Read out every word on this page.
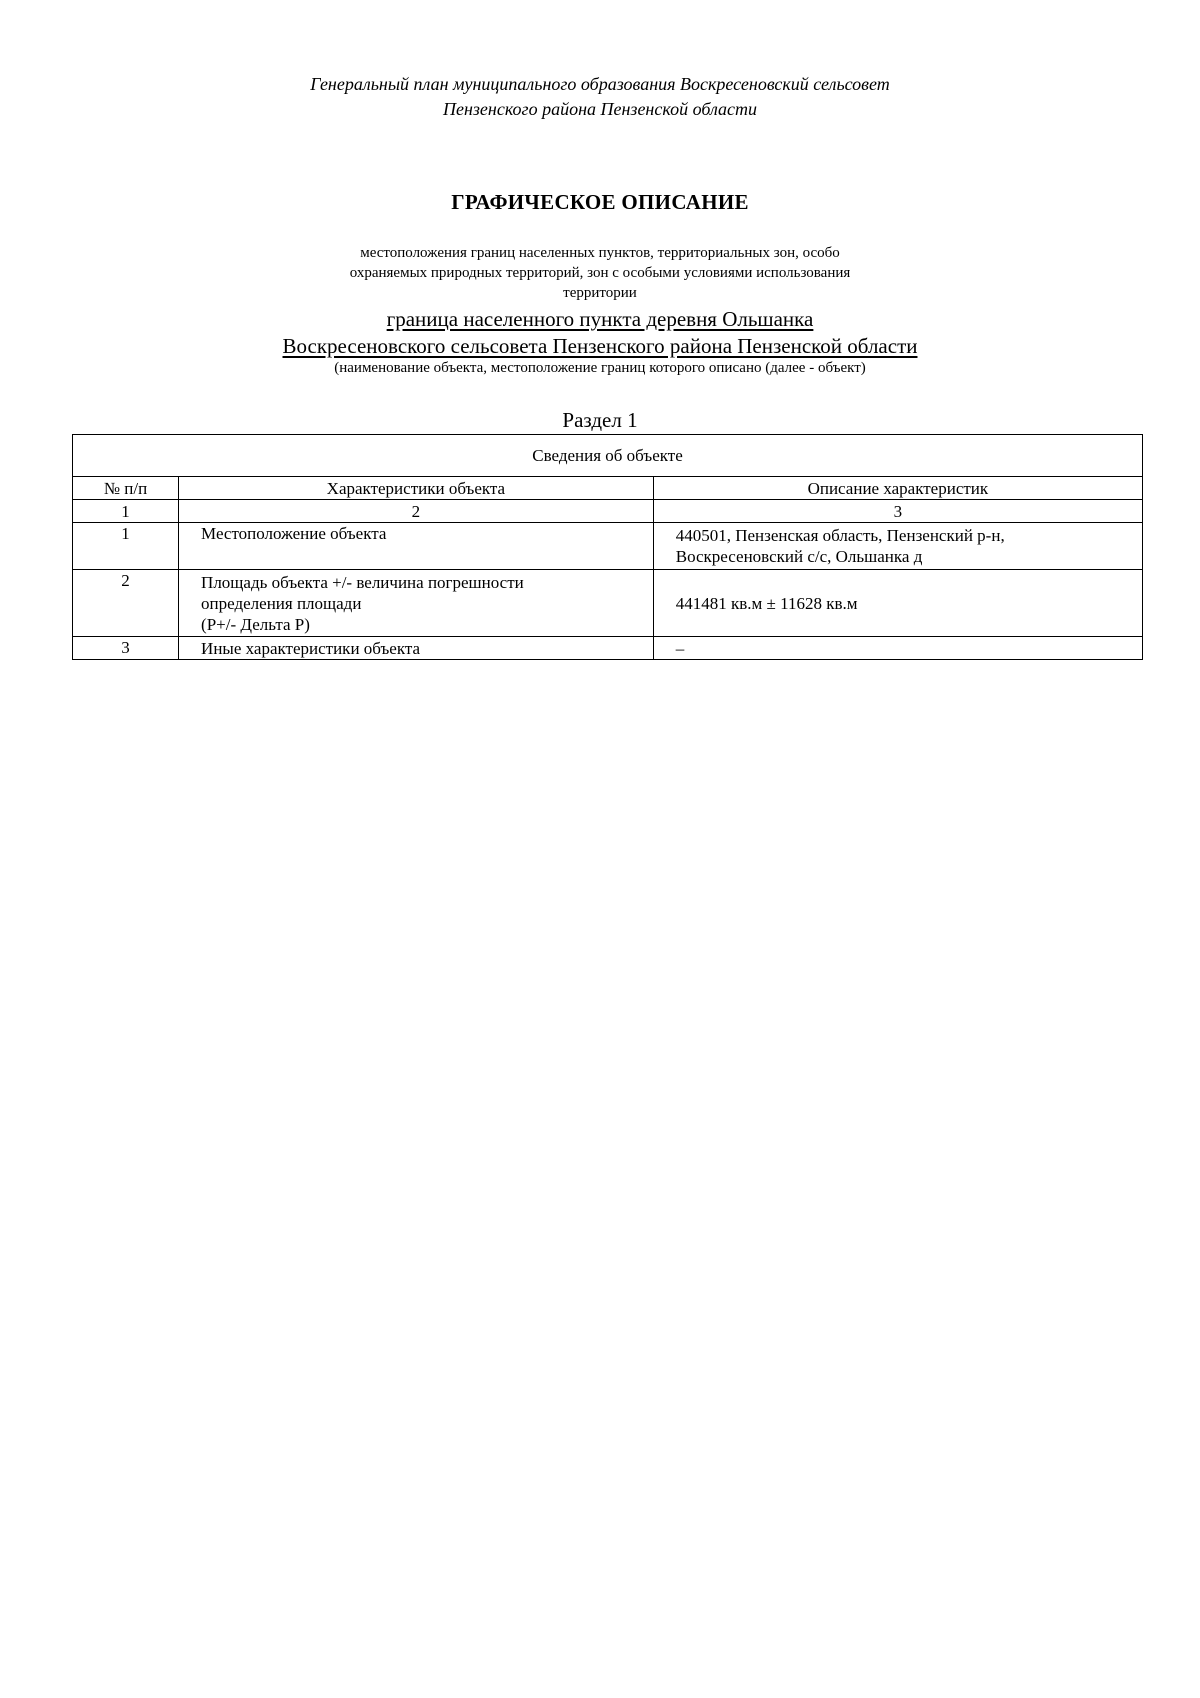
Генеральный план муниципального образования Воскресеновский сельсовет
Пензенского района Пензенской области
ГРАФИЧЕСКОЕ ОПИСАНИЕ
местоположения границ населенных пунктов, территориальных зон, особо
охраняемых природных территорий, зон с особыми условиями использования
территории
граница населенного пункта деревня Ольшанка
Воскресеновского сельсовета Пензенского района Пензенской области
(наименование объекта, местоположение границ которого описано (далее - объект)
Раздел 1
Сведения об объекте		
№ п/п	Характеристики объекта	Описание характеристик
1	2	3
1	Местоположение объекта	440501, Пензенская область, Пензенский р-н,
Воскресеновский с/с, Ольшанка д

2	Площадь объекта +/- величина погрешности
определения площади
(P+/- Дельта P)	441481 кв.м ± 11628 кв.м
3	Иные характеристики объекта	–
